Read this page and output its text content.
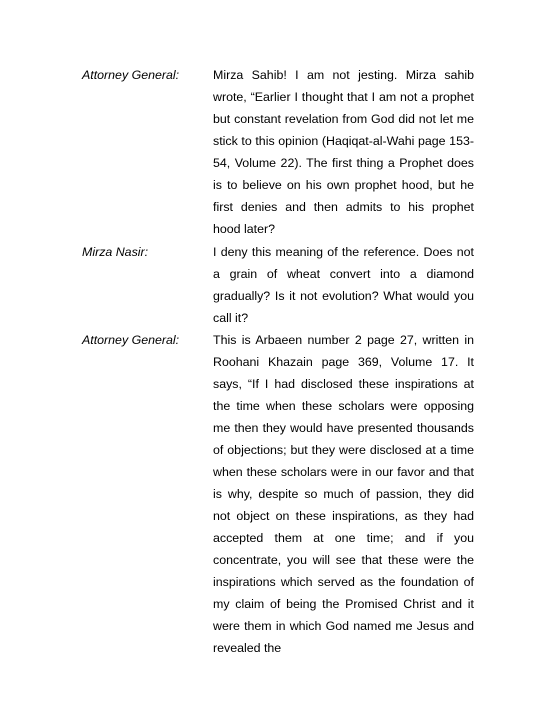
Attorney General:	Mirza Sahib! I am not jesting. Mirza sahib wrote, “Earlier I thought that I am not a prophet but constant revelation from God did not let me stick to this opinion (Haqiqat-al-Wahi page 153-54, Volume 22). The first thing a Prophet does is to believe on his own prophet hood, but he first denies and then admits to his prophet hood later?

Mirza Nasir:	I deny this meaning of the reference. Does not a grain of wheat convert into a diamond gradually? Is it not evolution? What would you call it?

Attorney General:	This is Arbaeen number 2 page 27, written in Roohani Khazain page 369, Volume 17. It says, “If I had disclosed these inspirations at the time when these scholars were opposing me then they would have presented thousands of objections; but they were disclosed at a time when these scholars were in our favor and that is why, despite so much of passion, they did not object on these inspirations, as they had accepted them at one time; and if you concentrate, you will see that these were the inspirations which served as the foundation of my claim of being the Promised Christ and it were them in which God named me Jesus and revealed the
